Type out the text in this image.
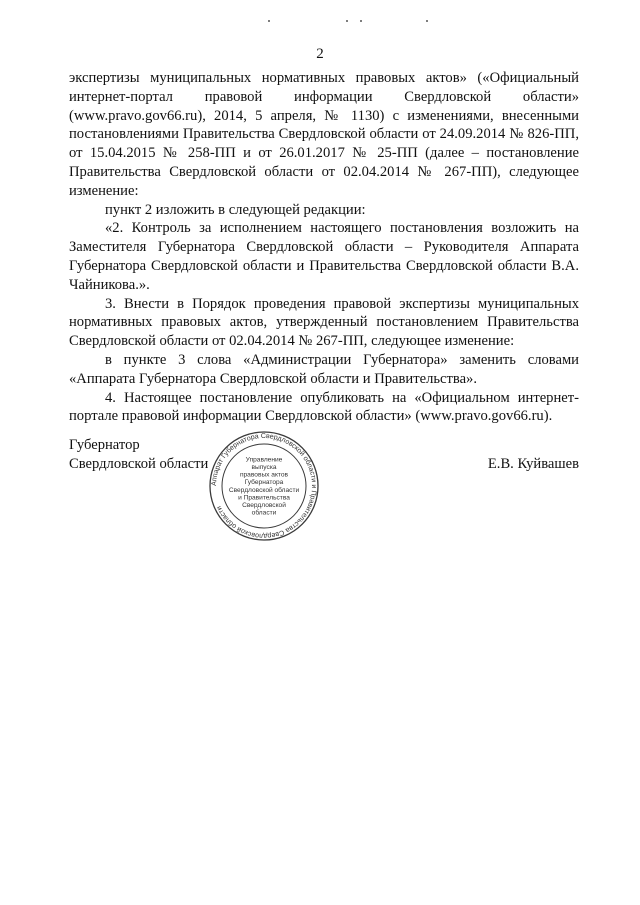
2

экспертизы муниципальных нормативных правовых актов» («Официальный интернет-портал правовой информации Свердловской области» (www.pravo.gov66.ru), 2014, 5 апреля, № 1130) с изменениями, внесенными постановлениями Правительства Свердловской области от 24.09.2014 № 826-ПП, от 15.04.2015 № 258-ПП и от 26.01.2017 № 25-ПП (далее – постановление Правительства Свердловской области от 02.04.2014 № 267-ПП), следующее изменение:

пункт 2 изложить в следующей редакции:

«2. Контроль за исполнением настоящего постановления возложить на Заместителя Губернатора Свердловской области – Руководителя Аппарата Губернатора Свердловской области и Правительства Свердловской области В.А. Чайникова.».

3. Внести в Порядок проведения правовой экспертизы муниципальных нормативных правовых актов, утвержденный постановлением Правительства Свердловской области от 02.04.2014 № 267-ПП, следующее изменение:

в пункте 3 слова «Администрации Губернатора» заменить словами «Аппарата Губернатора Свердловской области и Правительства».

4. Настоящее постановление опубликовать на «Официальном интернет-портале правовой информации Свердловской области» (www.pravo.gov66.ru).

Губернатор
Свердловской области
Аппарат Губернатора Свердловской области и Правительства Свердловской области
Управление
выпуска
правовых актов
Губернатора
Свердловской области
и Правительства
Свердловской
области
Е.В. Куйвашев
